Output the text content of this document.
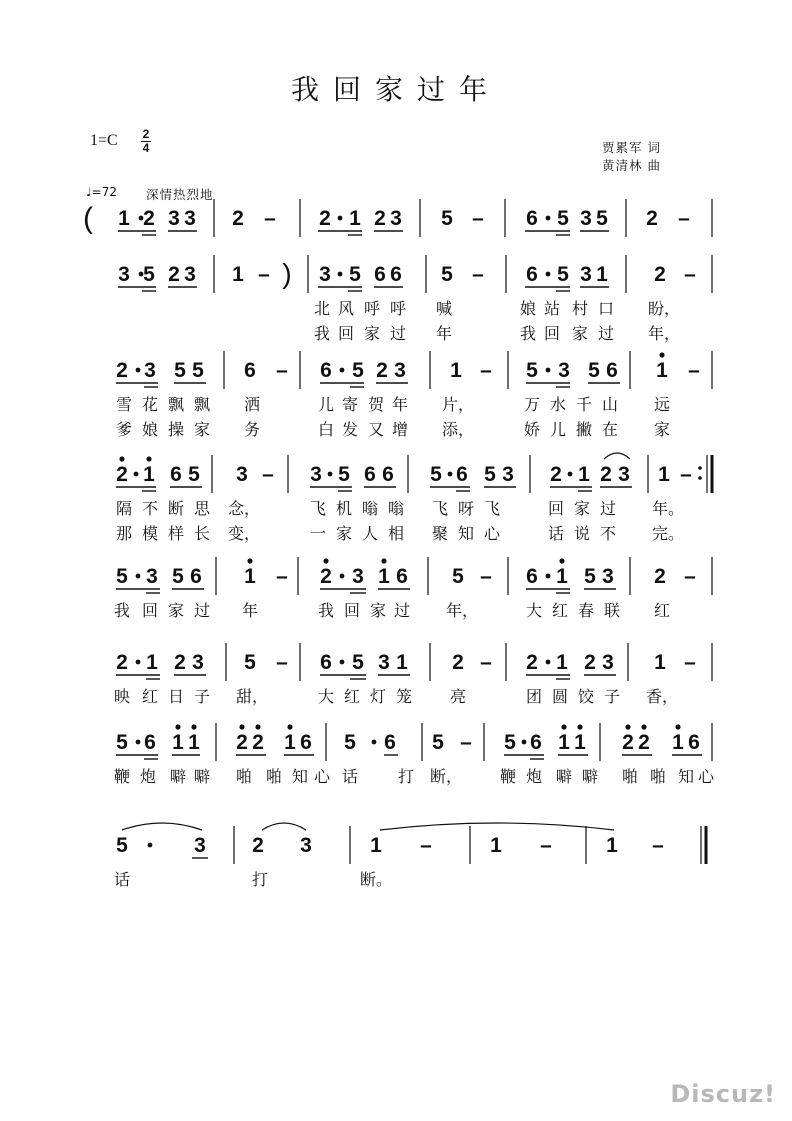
我回家过年
1=C 2
4	贾累军 词
黄清林 曲
♩=72 深情热烈地
Discuz!
1 2 3 3 2 – 2 1 2 3 5 – 6 5 3 5 2 –
(
3 5 2 3 1 – 3 5 6 6 5 – 6 5 3 1 2 –
)
北 风 呼 呼 喊	娘 站 村 口 盼，
我 回 家 过 年	我 回 家 过 年，
2 3 5 5 6 – 6 5 2 3 1 – 5 3 5 6 1 –
雪 花 飘 飘 洒	儿 寄 贺 年 片，	万 水 千 山 远
爹 娘 操 家 务	白 发 又 增 添，	娇 儿 撇 在 家
2 1 6 5 3 – 3 5 6 6 5 6 5 3 2 1 2 3 1 –
隔 不 断 思 念，	飞 机 嗡 嗡 飞 呀 飞	回 家 过 年。
那 模 样 长 变，	一 家 人 相 聚 知 心	话 说 不 完。
5 3 5 6 1 – 2 3 1 6 5 – 6 1 5 3 2 –
我 回 家 过 年	我 回 家 过 年，	大 红 春 联 红
2 1 2 3 5 – 6 5 3 1 2 – 2 1 2 3 1 –
映 红 日 子 甜，	大 红 灯 笼 亮	团 圆 饺 子 香，
5 6 1 1 2 2 1 6 5 6 5 – 5 6 1 1 2 2 1 6
鞭 炮 噼 噼 啪 啪 知 心 话 打 断， 鞭 炮 噼 噼 啪 啪 知 心
5	3 2 3	1 –	1 –	1 –
话	打	断。
